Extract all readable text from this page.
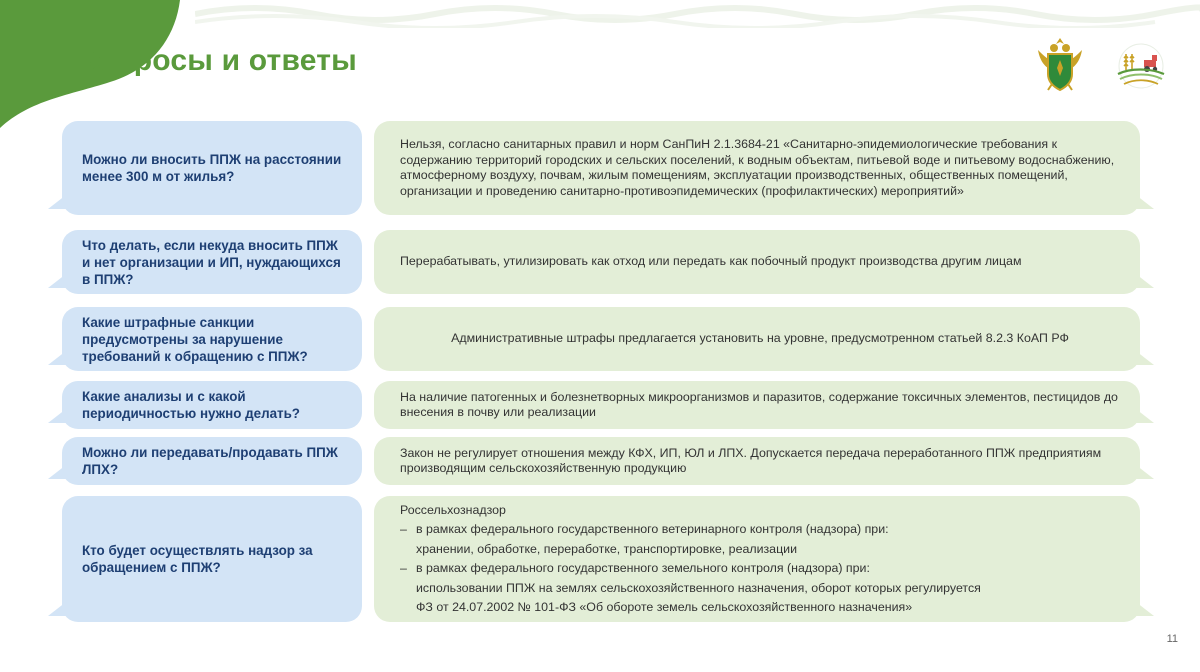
Вопросы и ответы
Можно ли вносить ППЖ на расстоянии менее 300 м от жилья?
Нельзя, согласно санитарных правил и норм СанПиН 2.1.3684-21 «Санитарно-эпидемиологические требования к содержанию территорий городских и сельских поселений, к водным объектам, питьевой воде и питьевому водоснабжению, атмосферному воздуху, почвам, жилым помещениям, эксплуатации производственных, общественных помещений, организации и проведению санитарно-противоэпидемических (профилактических) мероприятий»
Что делать, если некуда вносить ППЖ и нет организации и ИП, нуждающихся в ППЖ?
Перерабатывать, утилизировать как отход или передать как побочный продукт производства другим лицам
Какие штрафные санкции предусмотрены за нарушение требований к обращению с ППЖ?
Административные штрафы предлагается установить на уровне, предусмотренном статьей 8.2.3 КоАП РФ
Какие анализы и с какой периодичностью нужно делать?
На наличие патогенных и болезнетворных микроорганизмов и паразитов, содержание токсичных элементов, пестицидов до внесения в почву или реализации
Можно ли передавать/продавать ППЖ ЛПХ?
Закон не регулирует отношения между КФХ, ИП, ЮЛ и ЛПХ. Допускается передача переработанного ППЖ предприятиям производящим сельскохозяйственную продукцию
Кто будет осуществлять надзор за обращением с ППЖ?
Россельхознадзор
– в рамках федерального государственного ветеринарного контроля (надзора) при:
хранении, обработке, переработке, транспортировке, реализации
– в рамках федерального государственного земельного контроля (надзора) при:
использовании ППЖ на землях сельскохозяйственного назначения, оборот которых регулируется
ФЗ от 24.07.2002 № 101-ФЗ «Об обороте земель сельскохозяйственного назначения»
11
